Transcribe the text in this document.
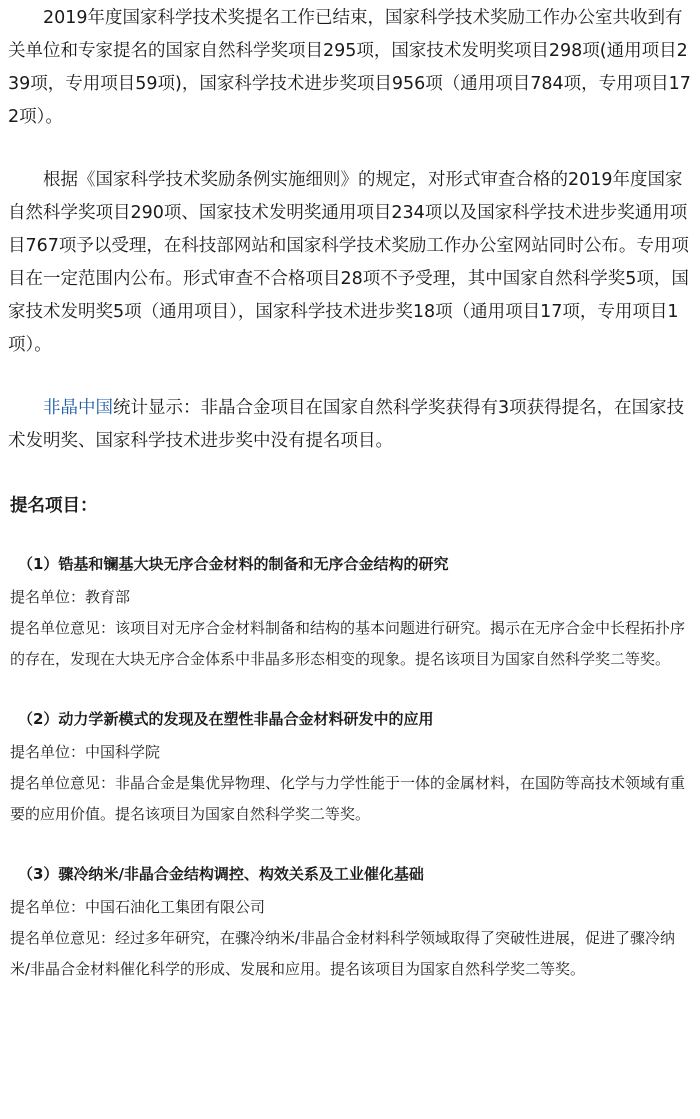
2019年度国家科学技术奖提名工作已结束，国家科学技术奖励工作办公室共收到有关单位和专家提名的国家自然科学奖项目295项，国家技术发明奖项目298项(通用项目239项，专用项目59项)，国家科学技术进步奖项目956项（通用项目784项，专用项目172项）。

根据《国家科学技术奖励条例实施细则》的规定，对形式审查合格的2019年度国家自然科学奖项目290项、国家技术发明奖通用项目234项以及国家科学技术进步奖通用项目767项予以受理，在科技部网站和国家科学技术奖励工作办公室网站同时公布。专用项目在一定范围内公布。形式审查不合格项目28项不予受理，其中国家自然科学奖5项，国家技术发明奖5项（通用项目），国家科学技术进步奖18项（通用项目17项，专用项目1项）。

非晶中国统计显示：非晶合金项目在国家自然科学奖获得有3项获得提名，在国家技术发明奖、国家科学技术进步奖中没有提名项目。

提名项目：
（1）锆基和镧基大块无序合金材料的制备和无序合金结构的研究
提名单位：教育部
提名单位意见：该项目对无序合金材料制备和结构的基本问题进行研究。揭示在无序合金中长程拓扑序的存在，发现在大块无序合金体系中非晶多形态相变的现象。提名该项目为国家自然科学奖二等奖。
（2）动力学新模式的发现及在塑性非晶合金材料研发中的应用
提名单位：中国科学院
提名单位意见：非晶合金是集优异物理、化学与力学性能于一体的金属材料，在国防等高技术领域有重要的应用价值。提名该项目为国家自然科学奖二等奖。
（3）骤冷纳米/非晶合金结构调控、构效关系及工业催化基础
提名单位：中国石油化工集团有限公司
提名单位意见：经过多年研究，在骤冷纳米/非晶合金材料科学领域取得了突破性进展，促进了骤冷纳米/非晶合金材料催化科学的形成、发展和应用。提名该项目为国家自然科学奖二等奖。
